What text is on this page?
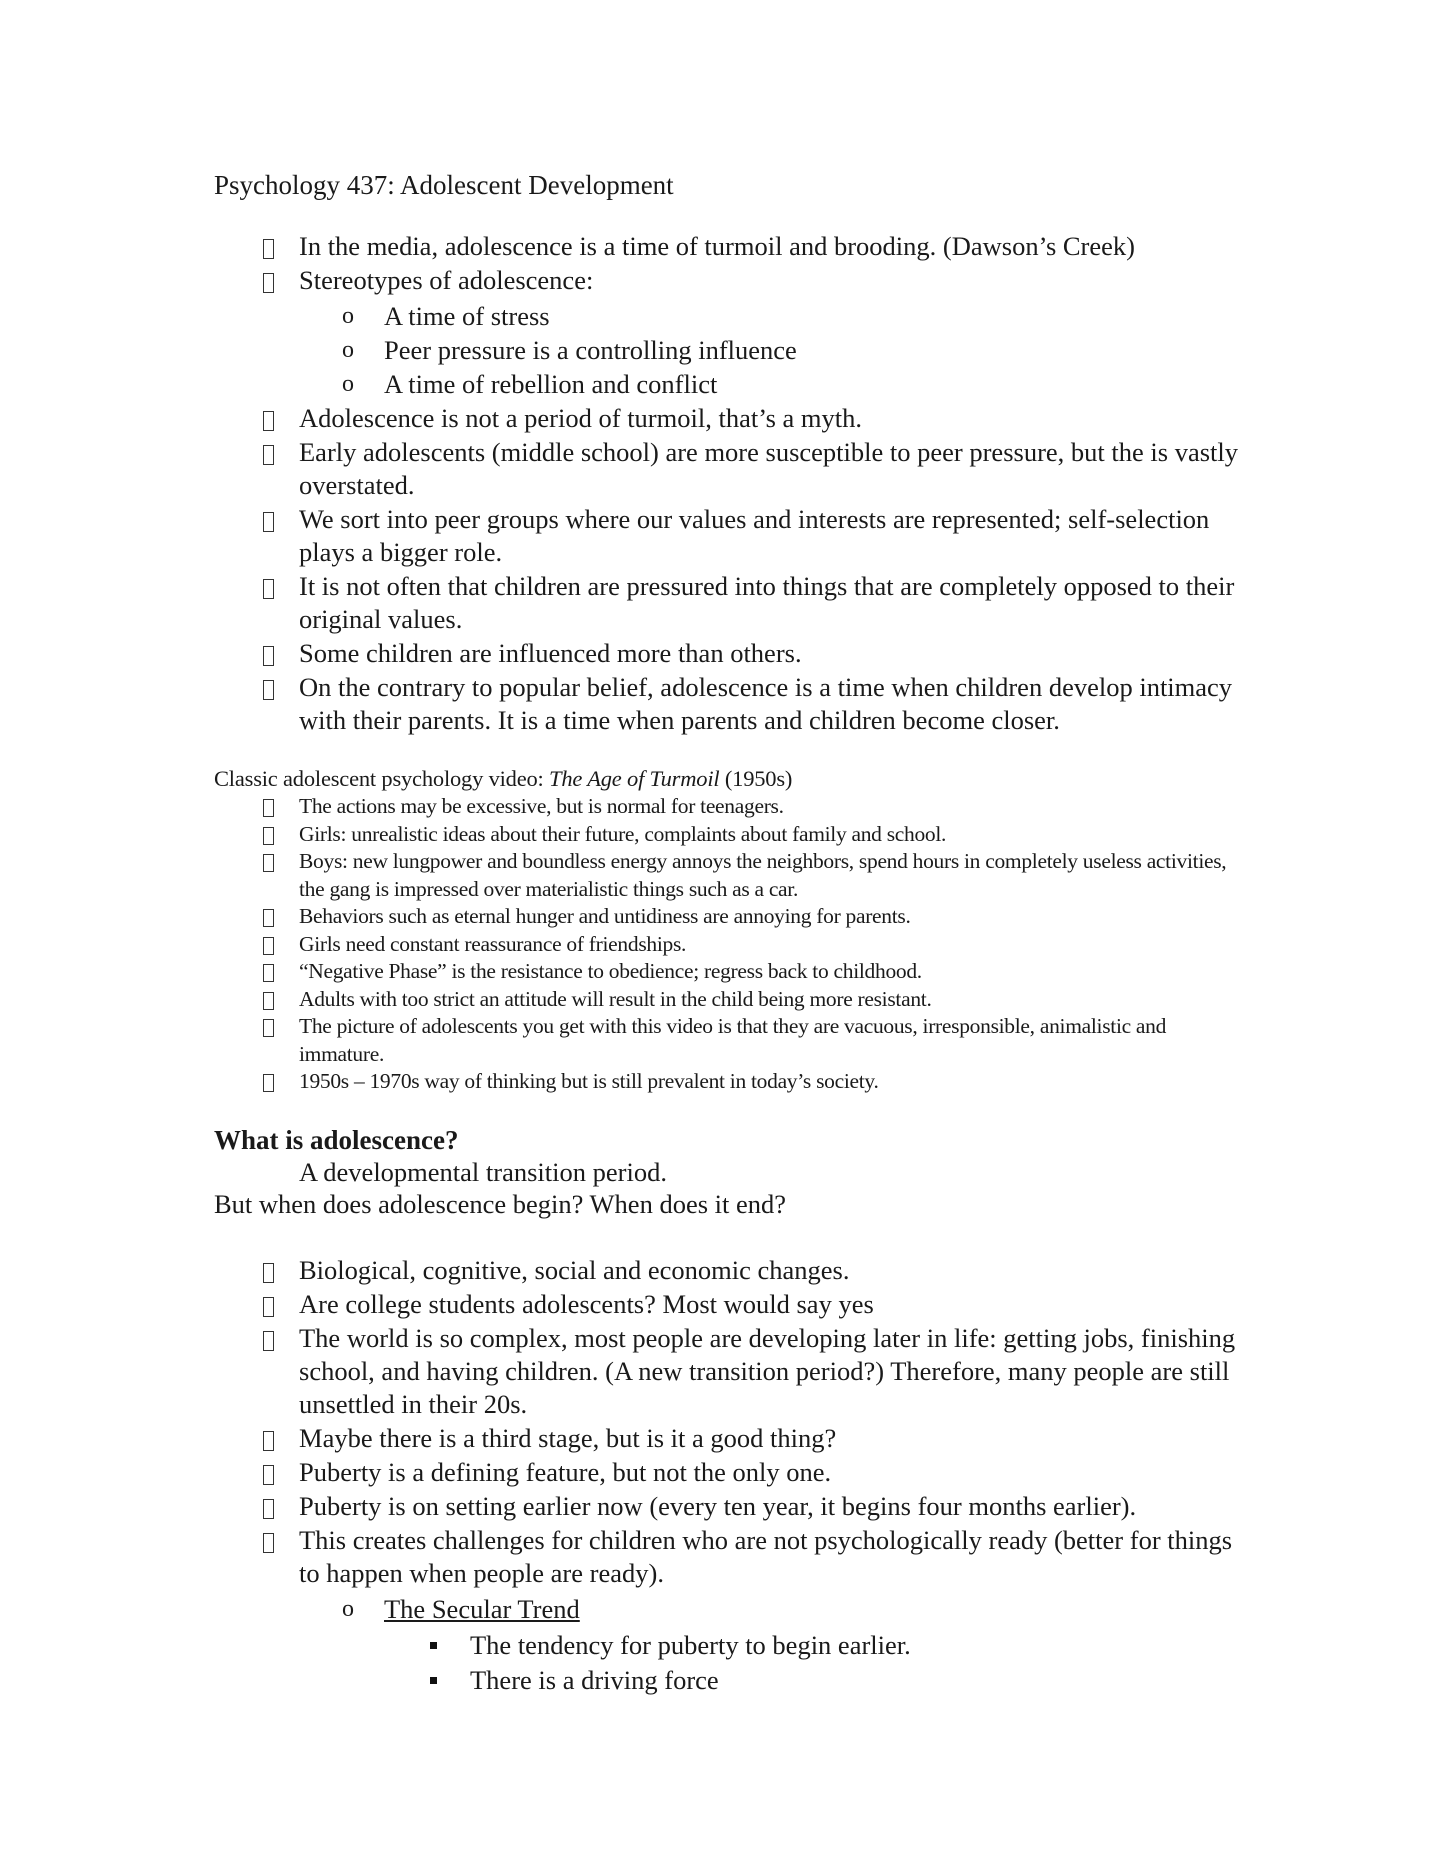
Psychology 437: Adolescent Development
In the media, adolescence is a time of turmoil and brooding. (Dawson’s Creek)
Stereotypes of adolescence:
o A time of stress
o Peer pressure is a controlling influence
o A time of rebellion and conflict
Adolescence is not a period of turmoil, that’s a myth.
Early adolescents (middle school) are more susceptible to peer pressure, but the is vastly overstated.
We sort into peer groups where our values and interests are represented; self-selection plays a bigger role.
It is not often that children are pressured into things that are completely opposed to their original values.
Some children are influenced more than others.
On the contrary to popular belief, adolescence is a time when children develop intimacy with their parents. It is a time when parents and children become closer.
Classic adolescent psychology video: The Age of Turmoil (1950s)
The actions may be excessive, but is normal for teenagers.
Girls: unrealistic ideas about their future, complaints about family and school.
Boys: new lungpower and boundless energy annoys the neighbors, spend hours in completely useless activities, the gang is impressed over materialistic things such as a car.
Behaviors such as eternal hunger and untidiness are annoying for parents.
Girls need constant reassurance of friendships.
“Negative Phase” is the resistance to obedience; regress back to childhood.
Adults with too strict an attitude will result in the child being more resistant.
The picture of adolescents you get with this video is that they are vacuous, irresponsible, animalistic and immature.
1950s – 1970s way of thinking but is still prevalent in today’s society.
What is adolescence?
A developmental transition period.
But when does adolescence begin? When does it end?
Biological, cognitive, social and economic changes.
Are college students adolescents? Most would say yes
The world is so complex, most people are developing later in life: getting jobs, finishing school, and having children. (A new transition period?) Therefore, many people are still unsettled in their 20s.
Maybe there is a third stage, but is it a good thing?
Puberty is a defining feature, but not the only one.
Puberty is on setting earlier now (every ten year, it begins four months earlier).
This creates challenges for children who are not psychologically ready (better for things to happen when people are ready).
o The Secular Trend
The tendency for puberty to begin earlier.
There is a driving force
